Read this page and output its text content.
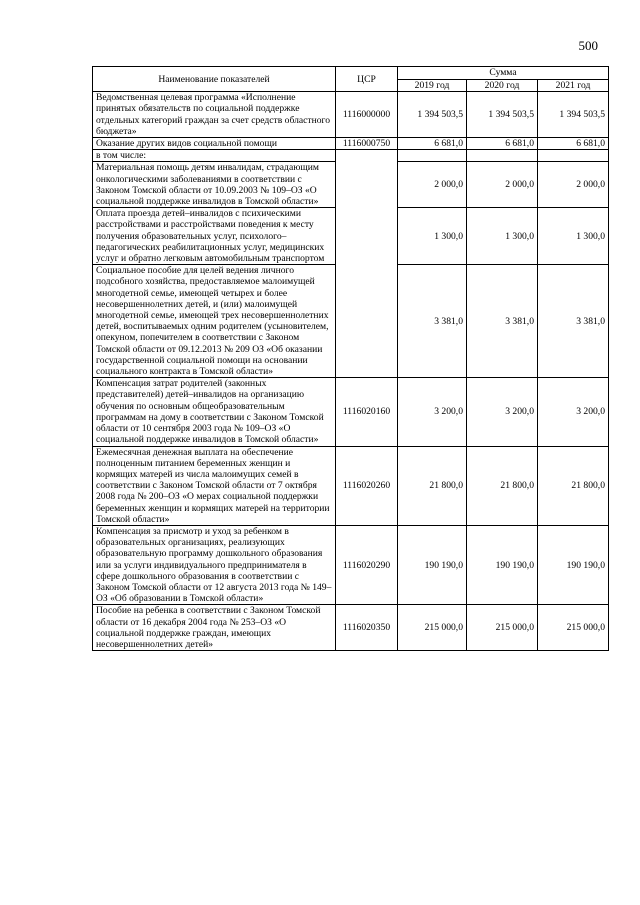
500
Наименование показателей	ЦСР	Сумма		
		2019 год	2020 год	2021 год
Ведомственная целевая программа «Исполнение принятых обязательств по социальной поддержке отдельных категорий граждан за счет средств областного бюджета»	1116000000	1 394 503,5	1 394 503,5	1 394 503,5
Оказание других видов социальной помощи	1116000750	6 681,0	6 681,0	6 681,0
в том числе:				
Материальная помощь детям инвалидам, страдающим онкологическими заболеваниями в соответствии с Законом Томской области от 10.09.2003 № 109–ОЗ «О социальной поддержке инвалидов в Томской области»		2 000,0	2 000,0	2 000,0
Оплата проезда детей–инвалидов с психическими расстройствами и расстройствами поведения к месту получения образовательных услуг, психолого–педагогических реабилитационных услуг, медицинских услуг и обратно легковым автомобильным транспортом		1 300,0	1 300,0	1 300,0
Социальное пособие для целей ведения личного подсобного хозяйства, предоставляемое малоимущей многодетной семье, имеющей четырех и более несовершеннолетних детей, и (или) малоимущей многодетной семье, имеющей трех несовершеннолетних детей, воспитываемых одним родителем (усыновителем, опекуном, попечителем в соответствии с Законом Томской области от 09.12.2013 № 209 ОЗ «Об оказании государственной социальной помощи на основании социального контракта в Томской области»		3 381,0	3 381,0	3 381,0
Компенсация затрат родителей (законных представителей) детей–инвалидов на организацию обучения по основным общеобразовательным программам на дому в соответствии с Законом Томской области от 10 сентября 2003 года № 109–ОЗ «О социальной поддержке инвалидов в Томской области»	1116020160	3 200,0	3 200,0	3 200,0
Ежемесячная денежная выплата на обеспечение полноценным питанием беременных женщин и кормящих матерей из числа малоимущих семей в соответствии с Законом Томской области от 7 октября 2008 года № 200–ОЗ «О мерах социальной поддержки беременных женщин и кормящих матерей на территории Томской области»	1116020260	21 800,0	21 800,0	21 800,0
Компенсация за присмотр и уход за ребенком в образовательных организациях, реализующих образовательную программу дошкольного образования или за услуги индивидуального предпринимателя в сфере дошкольного образования в соответствии с Законом Томской области от 12 августа 2013 года № 149–ОЗ «Об образовании в Томской области»	1116020290	190 190,0	190 190,0	190 190,0
Пособие на ребенка в соответствии с Законом Томской области от 16 декабря 2004 года № 253–ОЗ «О социальной поддержке граждан, имеющих несовершеннолетних детей»	1116020350	215 000,0	215 000,0	215 000,0
